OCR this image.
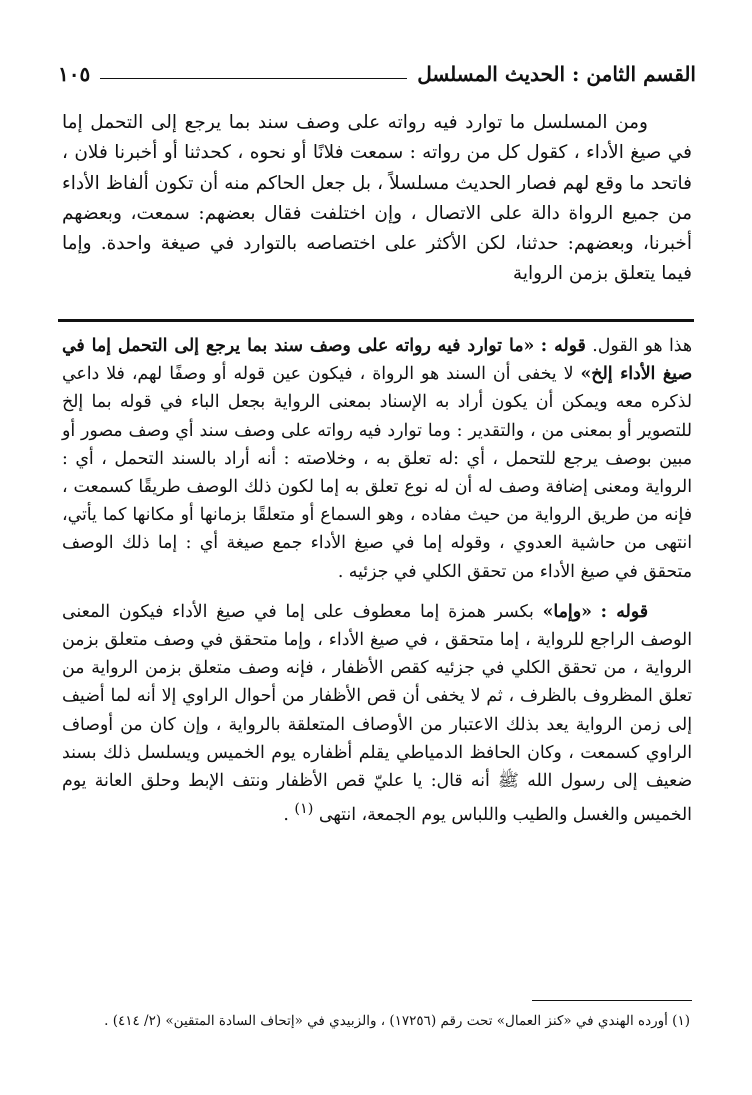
القسم الثامن : الحديث المسلسل
١٠٥

ومن المسلسل ما توارد فيه رواته على وصف سند بما يرجع إلى التحمل إما في صيغ الأداء ، كقول كل من رواته : سمعت فلانًا أو نحوه ، كحدثنا أو أخبرنا فلان ، فاتحد ما وقع لهم فصار الحديث مسلسلاً ، بل جعل الحاكم منه أن تكون ألفاظ الأداء من جميع الرواة دالة على الاتصال ، وإن اختلفت فقال بعضهم: سمعت، وبعضهم أخبرنا، وبعضهم: حدثنا، لكن الأكثر على اختصاصه بالتوارد في صيغة واحدة. وإما فيما يتعلق بزمن الرواية

هذا هو القول. قوله : «ما توارد فيه رواته على وصف سند بما يرجع إلى التحمل إما في صيغ الأداء إلخ» لا يخفى أن السند هو الرواة ، فيكون عين قوله أو وصفًا لهم، فلا داعي لذكره معه ويمكن أن يكون أراد به الإسناد بمعنى الرواية بجعل الباء في قوله بما إلخ للتصوير أو بمعنى من ، والتقدير : وما توارد فيه رواته على وصف سند أي وصف مصور أو مبين بوصف يرجع للتحمل ، أي :له تعلق به ، وخلاصته : أنه أراد بالسند التحمل ، أي : الرواية ومعنى إضافة وصف له أن له نوع تعلق به إما لكون ذلك الوصف طريقًا كسمعت ، فإنه من طريق الرواية من حيث مفاده ، وهو السماع أو متعلقًا بزمانها أو مكانها كما يأتي، انتهى من حاشية العدوي ، وقوله إما في صيغ الأداء جمع صيغة أي : إما ذلك الوصف متحقق في صيغ الأداء من تحقق الكلي في جزئيه .

قوله : «وإما» بكسر همزة إما معطوف على إما في صيغ الأداء فيكون المعنى الوصف الراجع للرواية ، إما متحقق ، في صيغ الأداء ، وإما متحقق في وصف متعلق بزمن الرواية ، من تحقق الكلي في جزئيه كقص الأظفار ، فإنه وصف متعلق بزمن الرواية من تعلق المظروف بالظرف ، ثم لا يخفى أن قص الأظفار من أحوال الراوي إلا أنه لما أضيف إلى زمن الرواية يعد بذلك الاعتبار من الأوصاف المتعلقة بالرواية ، وإن كان من أوصاف الراوي كسمعت ، وكان الحافظ الدمياطي يقلم أظفاره يوم الخميس ويسلسل ذلك بسند ضعيف إلى رسول الله ﷺ أنه قال: يا عليّ قص الأظفار ونتف الإبط وحلق العانة يوم الخميس والغسل والطيب واللباس يوم الجمعة، انتهى $^{(١)}$ .

(١) أورده الهندي في «كنز العمال» تحت رقم (١٧٢٥٦) ، والزبيدي في «إتحاف السادة المتقين» (٢/ ٤١٤) .
